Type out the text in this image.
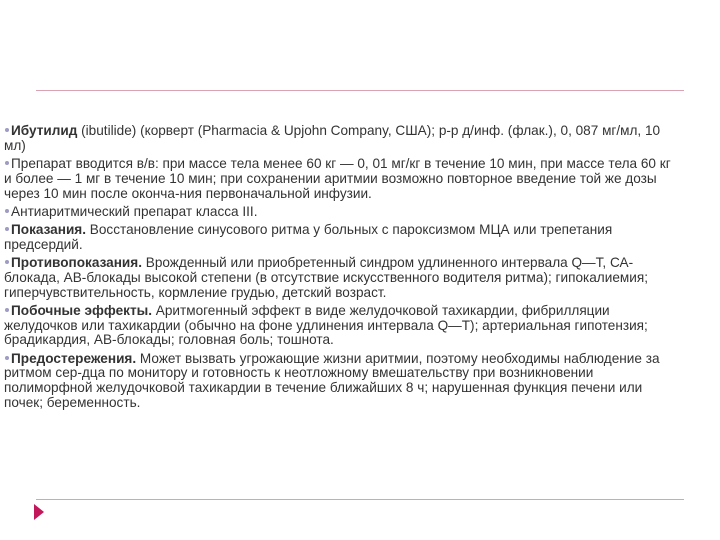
Ибутилид (ibutilide) (корверт (Pharmacia & Upjohn Company, США); р-р д/инф. (флак.), 0, 087 мг/мл, 10 мл)

Препарат вводится в/в: при массе тела менее 60 кг — 0, 01 мг/кг в течение 10 мин, при массе тела 60 кг и более — 1 мг в течение 10 мин; при сохранении аритмии возможно повторное введение той же дозы через 10 мин после оконча-ния первоначальной инфузии.

Антиаритмический препарат класса III.

Показания. Восстановление синусового ритма у больных с пароксизмом МЦА или трепетания предсердий.

Противопоказания. Врожденный или приобретенный синдром удлиненного интервала Q—T, СА-блокада, АВ-блокады высокой степени (в отсутствие искусственного водителя ритма); гипокалиемия; гиперчувствительность, кормление грудью, детский возраст.

Побочные эффекты. Аритмогенный эффект в виде желудочковой тахикардии, фибрилляции желудочков или тахикардии (обычно на фоне удлинения интервала Q—T); артериальная гипотензия; брадикардия, АВ-блокады; головная боль; тошнота.

Предостережения. Может вызвать угрожающие жизни аритмии, поэтому необходимы наблюдение за ритмом сер-дца по монитору и готовность к неотложному вмешательству при возникновении полиморфной желудочковой тахикардии в течение ближайших 8 ч; нарушенная функция печени или почек; беременность.
